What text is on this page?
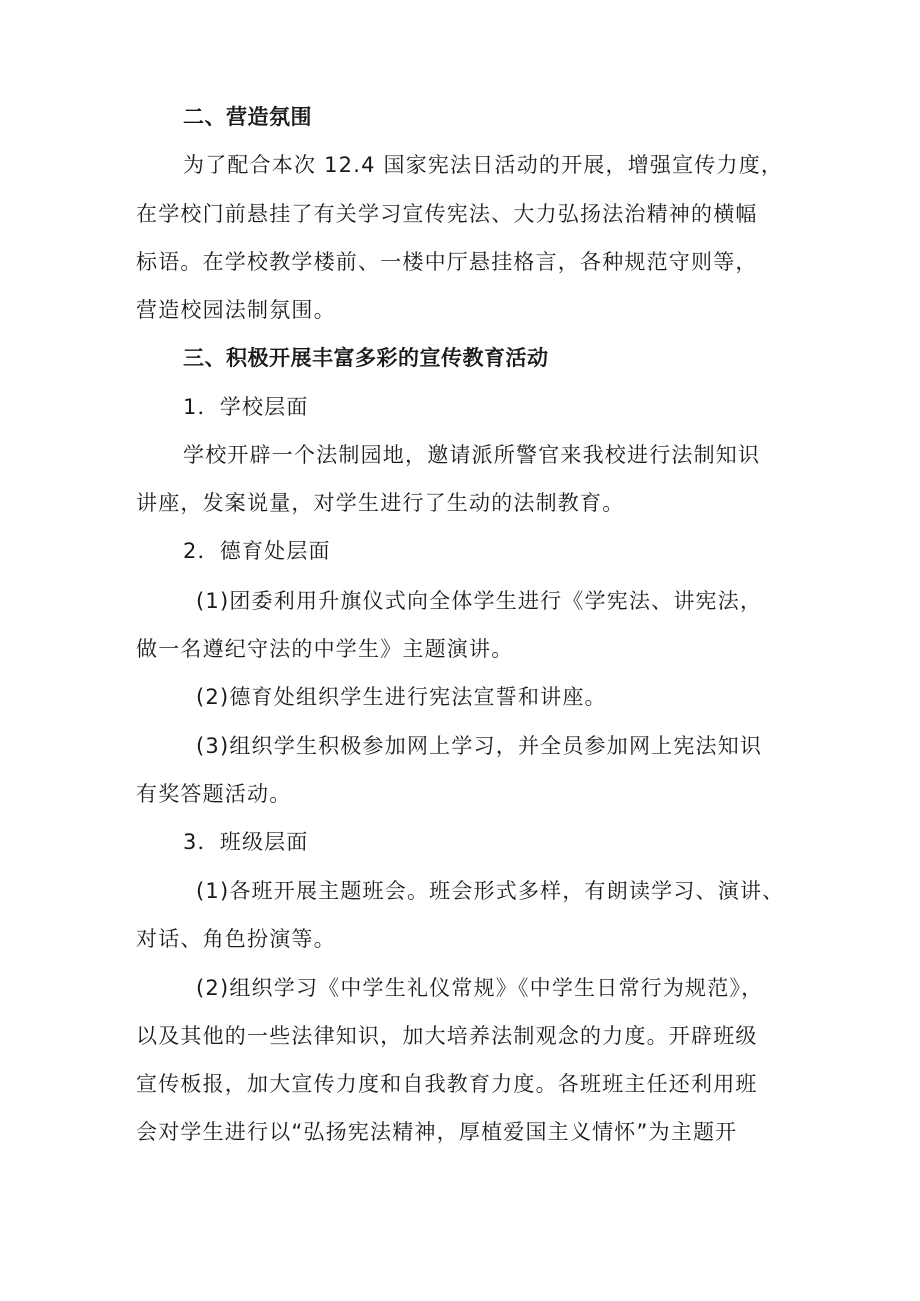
二、营造氛围
为了配合本次 12.4 国家宪法日活动的开展，增强宣传力度，
在学校门前悬挂了有关学习宣传宪法、大力弘扬法治精神的横幅
标语。在学校教学楼前、一楼中厅悬挂格言，各种规范守则等，
营造校园法制氛围。
三、积极开展丰富多彩的宣传教育活动
1．学校层面
学校开辟一个法制园地，邀请派所警官来我校进行法制知识
讲座，发案说量，对学生进行了生动的法制教育。
2．德育处层面
(1)团委利用升旗仪式向全体学生进行《学宪法、讲宪法，
做一名遵纪守法的中学生》主题演讲。
(2)德育处组织学生进行宪法宣誓和讲座。
(3)组织学生积极参加网上学习，并全员参加网上宪法知识
有奖答题活动。
3．班级层面
(1)各班开展主题班会。班会形式多样，有朗读学习、演讲、
对话、角色扮演等。
(2)组织学习《中学生礼仪常规》《中学生日常行为规范》，
以及其他的一些法律知识，加大培养法制观念的力度。开辟班级
宣传板报，加大宣传力度和自我教育力度。各班班主任还利用班
会对学生进行以“弘扬宪法精神，厚植爱国主义情怀”为主题开
